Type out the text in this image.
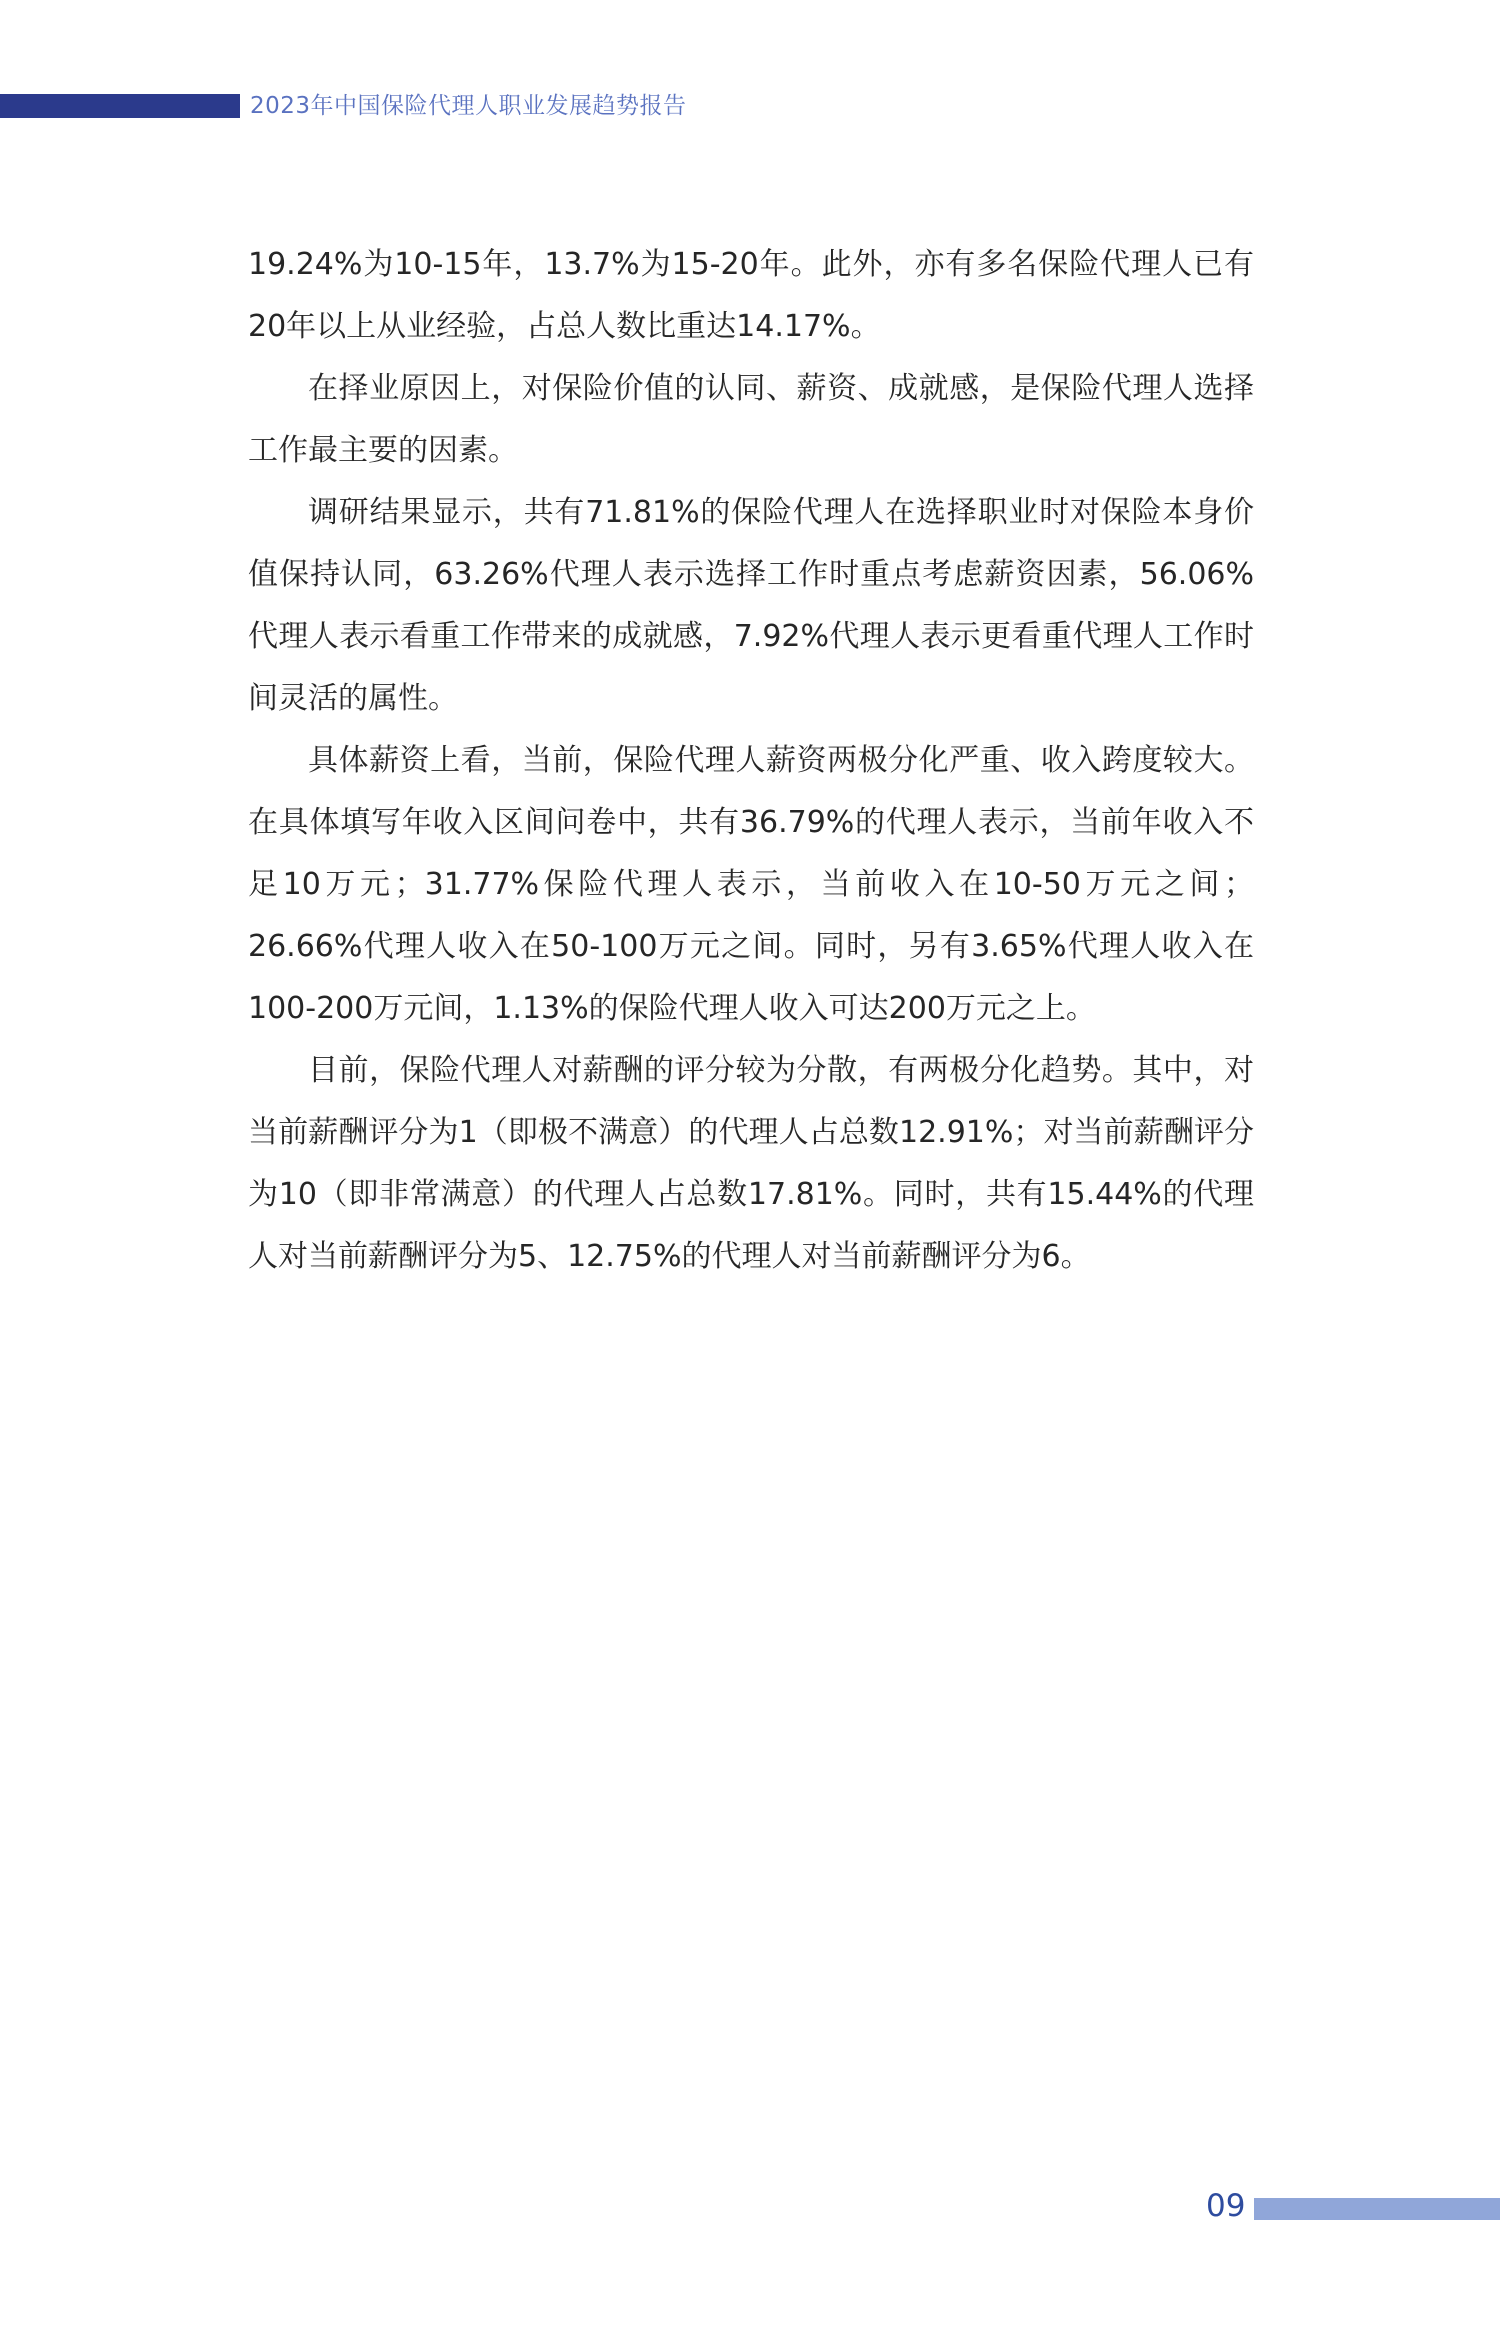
2023年中国保险代理人职业发展趋势报告

19.24%为10-15年，13.7%为15-20年。此外，亦有多名保险代理人已有20年以上从业经验，占总人数比重达14.17%。

在择业原因上，对保险价值的认同、薪资、成就感，是保险代理人选择工作最主要的因素。

调研结果显示，共有71.81%的保险代理人在选择职业时对保险本身价值保持认同，63.26%代理人表示选择工作时重点考虑薪资因素，56.06%代理人表示看重工作带来的成就感，7.92%代理人表示更看重代理人工作时间灵活的属性。

具体薪资上看，当前，保险代理人薪资两极分化严重、收入跨度较大。在具体填写年收入区间问卷中，共有36.79%的代理人表示，当前年收入不足10万元；31.77%保险代理人表示，当前收入在10-50万元之间；26.66%代理人收入在50-100万元之间。同时，另有3.65%代理人收入在100-200万元间，1.13%的保险代理人收入可达200万元之上。

目前，保险代理人对薪酬的评分较为分散，有两极分化趋势。其中，对当前薪酬评分为1（即极不满意）的代理人占总数12.91%；对当前薪酬评分为10（即非常满意）的代理人占总数17.81%。同时，共有15.44%的代理人对当前薪酬评分为5、12.75%的代理人对当前薪酬评分为6。

09
